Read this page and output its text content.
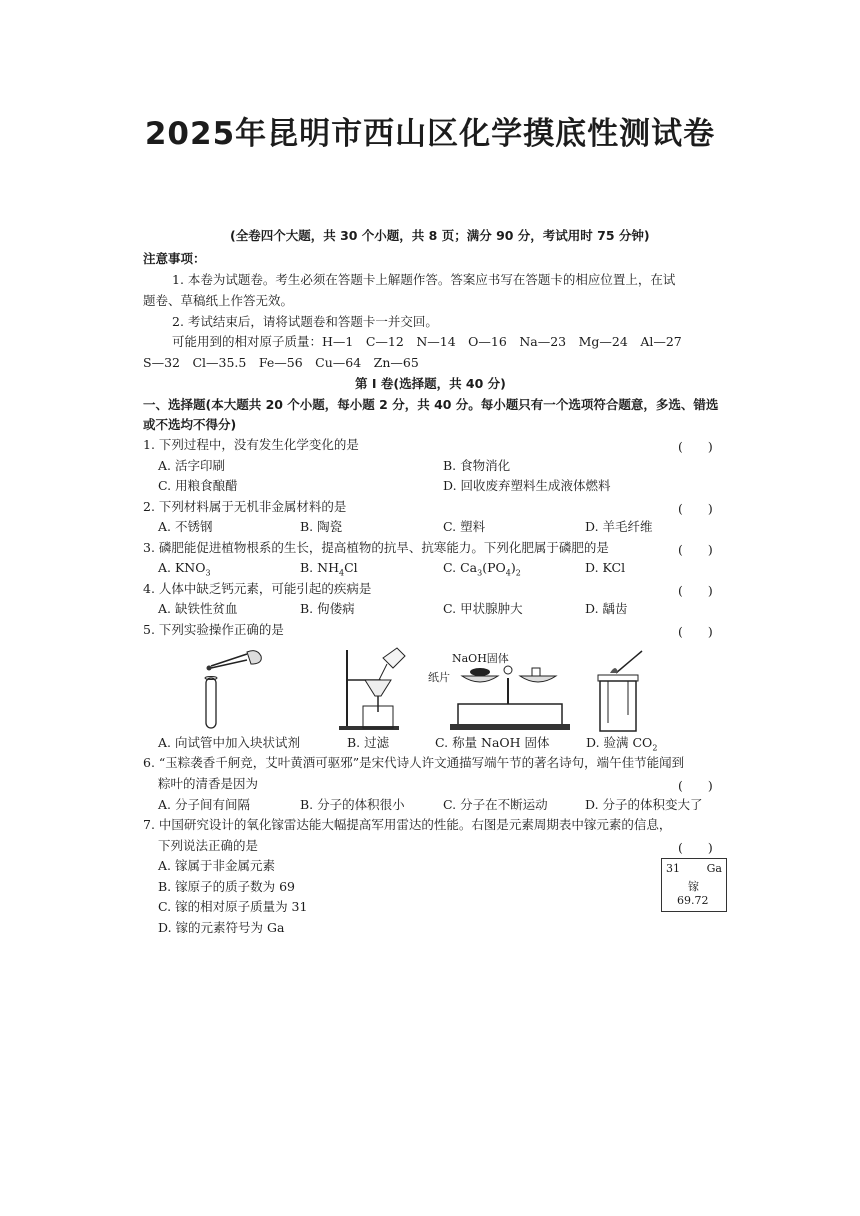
2025年昆明市西山区化学摸底性测试卷
(全卷四个大题，共 30 个小题，共 8 页；满分 90 分，考试用时 75 分钟)
注意事项：
1. 本卷为试题卷。考生必须在答题卡上解题作答。答案应书写在答题卡的相应位置上，在试
题卷、草稿纸上作答无效。
2. 考试结束后，请将试题卷和答题卡一并交回。
可能用到的相对原子质量：H—1　C—12　N—14　O—16　Na—23　Mg—24　Al—27
S—32　Cl—35.5　Fe—56　Cu—64　Zn—65
第 Ⅰ 卷(选择题，共 40 分)
一、选择题(本大题共 20 个小题，每小题 2 分，共 40 分。每小题只有一个选项符合题意，多选、错选
或不选均不得分)
1. 下列过程中，没有发生化学变化的是	(　　)
A. 活字印刷	B. 食物消化
C. 用粮食酿醋	D. 回收废弃塑料生成液体燃料
2. 下列材料属于无机非金属材料的是	(　　)
A. 不锈钢	B. 陶瓷	C. 塑料	D. 羊毛纤维
3. 磷肥能促进植物根系的生长，提高植物的抗旱、抗寒能力。下列化肥属于磷肥的是	(　　)
A. $KNO_3$	B. $NH_4Cl$	C. $Ca_3(PO_4)_2$	D. KCl
4. 人体中缺乏钙元素，可能引起的疾病是	(　　)
A. 缺铁性贫血	B. 佝偻病	C. 甲状腺肿大	D. 龋齿
5. 下列实验操作正确的是	(　　)
NaOH固体
纸片
A. 向试管中加入块状试剂	B. 过滤	C. 称量 NaOH 固体	D. 验满 $CO_2$
6. “玉粽袭香千舸竞，艾叶黄酒可驱邪”是宋代诗人许文通描写端午节的著名诗句，端午佳节能闻到
粽叶的清香是因为	(　　)
A. 分子间有间隔	B. 分子的体积很小	C. 分子在不断运动	D. 分子的体积变大了
7. 中国研究设计的氧化镓雷达能大幅提高军用雷达的性能。右图是元素周期表中镓元素的信息，
下列说法正确的是	(　　)
A. 镓属于非金属元素
B. 镓原子的质子数为 69
C. 镓的相对原子质量为 31
D. 镓的元素符号为 Ga
31 Ga
镓
69.72
